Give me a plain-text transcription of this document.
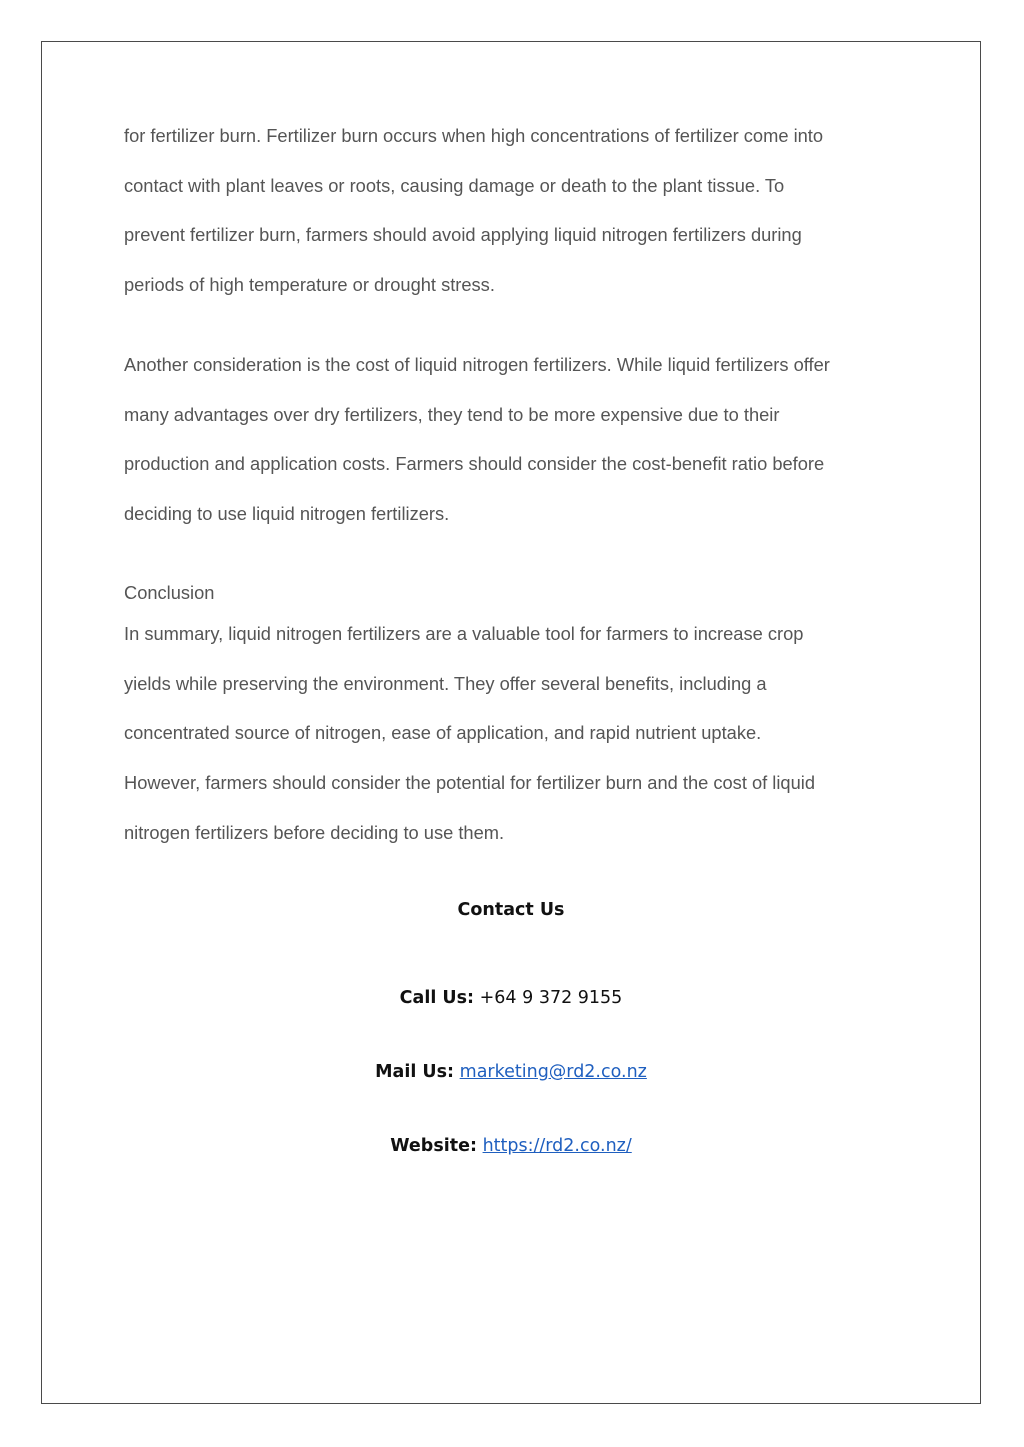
for fertilizer burn. Fertilizer burn occurs when high concentrations of fertilizer come into
contact with plant leaves or roots, causing damage or death to the plant tissue. To
prevent fertilizer burn, farmers should avoid applying liquid nitrogen fertilizers during
periods of high temperature or drought stress.
Another consideration is the cost of liquid nitrogen fertilizers. While liquid fertilizers offer
many advantages over dry fertilizers, they tend to be more expensive due to their
production and application costs. Farmers should consider the cost-benefit ratio before
deciding to use liquid nitrogen fertilizers.
Conclusion
In summary, liquid nitrogen fertilizers are a valuable tool for farmers to increase crop
yields while preserving the environment. They offer several benefits, including a
concentrated source of nitrogen, ease of application, and rapid nutrient uptake.
However, farmers should consider the potential for fertilizer burn and the cost of liquid
nitrogen fertilizers before deciding to use them.
Contact Us
Call Us: +64 9 372 9155
Mail Us: marketing@rd2.co.nz
Website: https://rd2.co.nz/
